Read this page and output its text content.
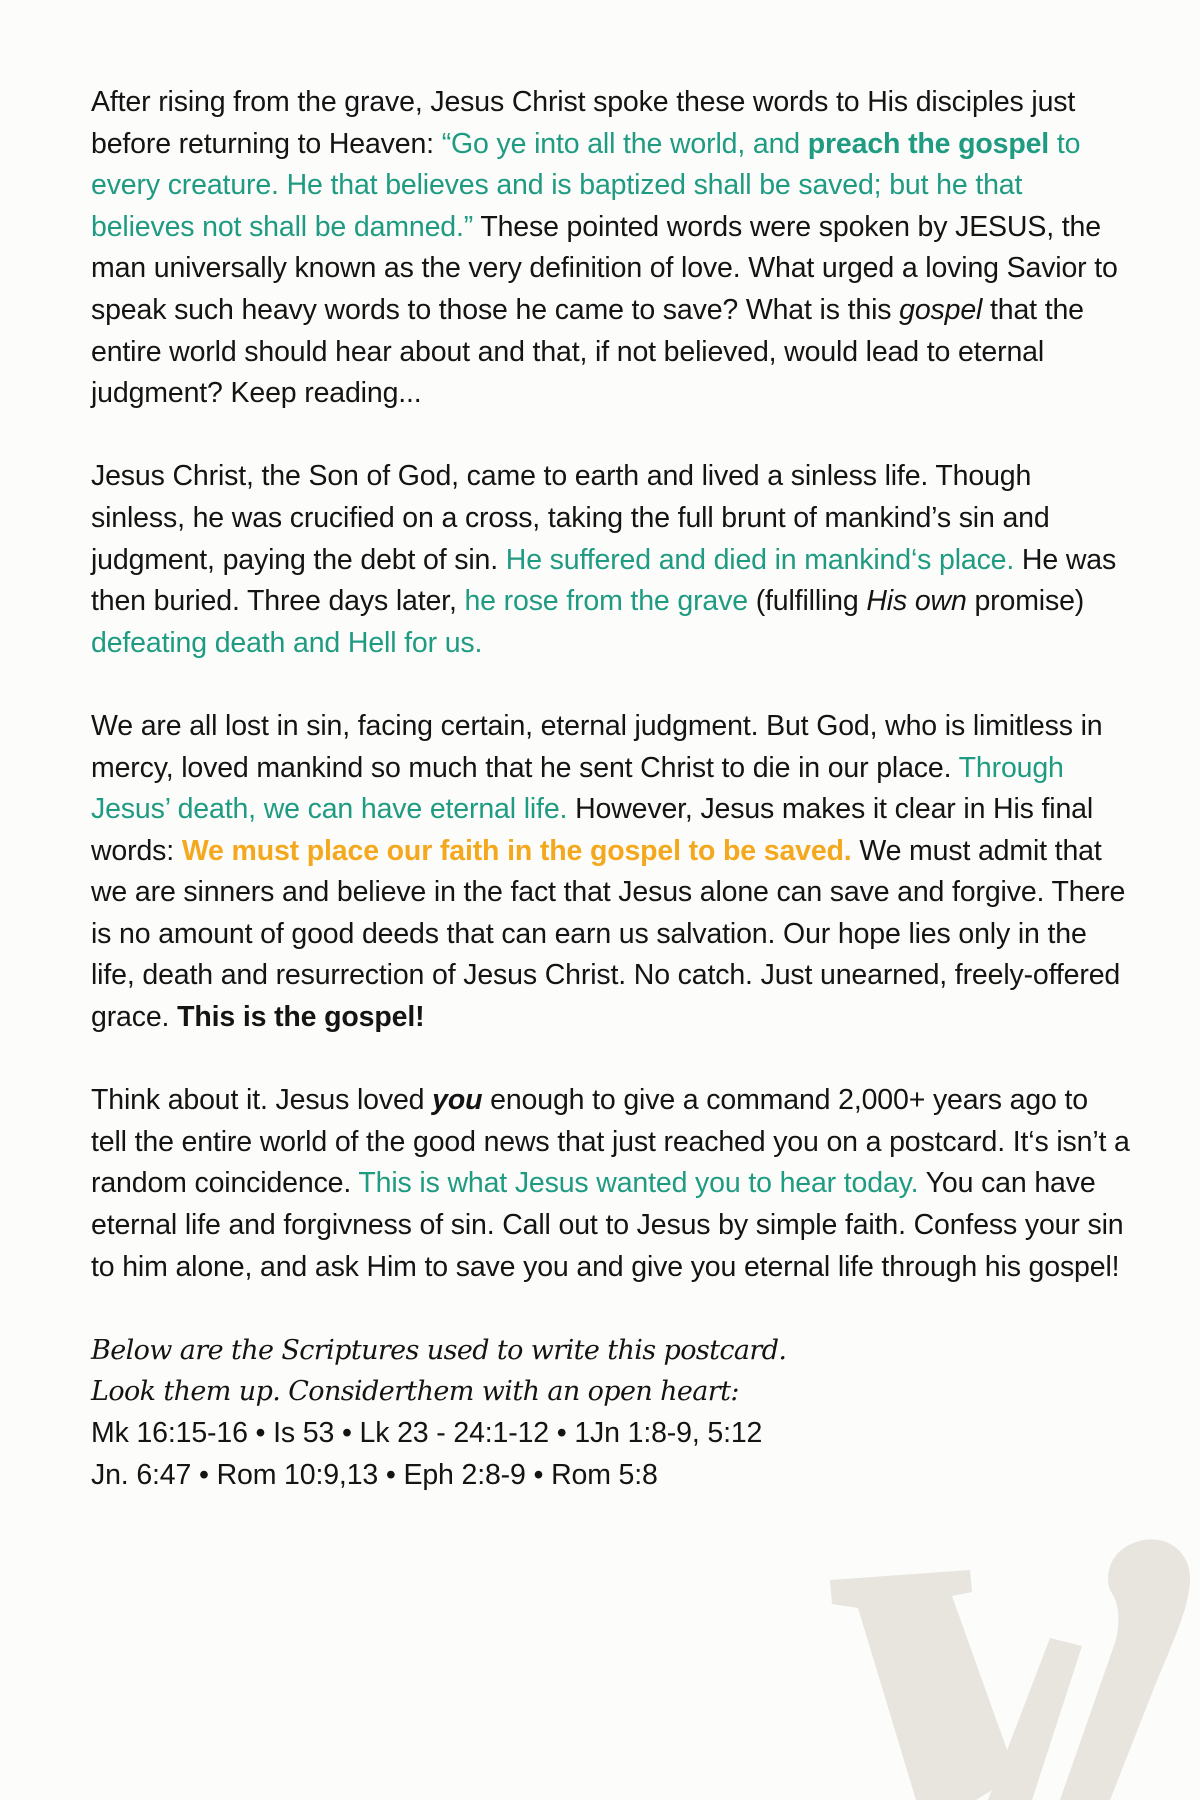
After rising from the grave, Jesus Christ spoke these words to His disciples just before returning to Heaven: “Go ye into all the world, and preach the gospel to every creature. He that believes and is baptized shall be saved; but he that believes not shall be damned.” These pointed words were spoken by JESUS, the man universally known as the very definition of love. What urged a loving Savior to speak such heavy words to those he came to save? What is this gospel that the entire world should hear about and that, if not believed, would lead to eternal judgment? Keep reading...

Jesus Christ, the Son of God, came to earth and lived a sinless life. Though sinless, he was crucified on a cross, taking the full brunt of mankind’s sin and judgment, paying the debt of sin. He suffered and died in mankind‘s place. He was then buried. Three days later, he rose from the grave (fulfilling His own promise) defeating death and Hell for us.

We are all lost in sin, facing certain, eternal judgment. But God, who is limitless in mercy, loved mankind so much that he sent Christ to die in our place. Through Jesus’ death, we can have eternal life. However, Jesus makes it clear in His final words: We must place our faith in the gospel to be saved. We must admit that we are sinners and believe in the fact that Jesus alone can save and forgive. There is no amount of good deeds that can earn us salvation. Our hope lies only in the life, death and resurrection of Jesus Christ. No catch. Just unearned, freely-offered grace. This is the gospel!

Think about it. Jesus loved you enough to give a command 2,000+ years ago to tell the entire world of the good news that just reached you on a postcard. It‘s isn’t a random coincidence. This is what Jesus wanted you to hear today. You can have eternal life and forgivness of sin. Call out to Jesus by simple faith. Confess your sin to him alone, and ask Him to save you and give you eternal life through his gospel!

Below are the Scriptures used to write this postcard.
Look them up. Considerthem with an open heart:
Mk 16:15-16 • Is 53 • Lk 23 - 24:1-12 • 1Jn 1:8-9, 5:12
Jn. 6:47 • Rom 10:9,13 • Eph 2:8-9 • Rom 5:8
